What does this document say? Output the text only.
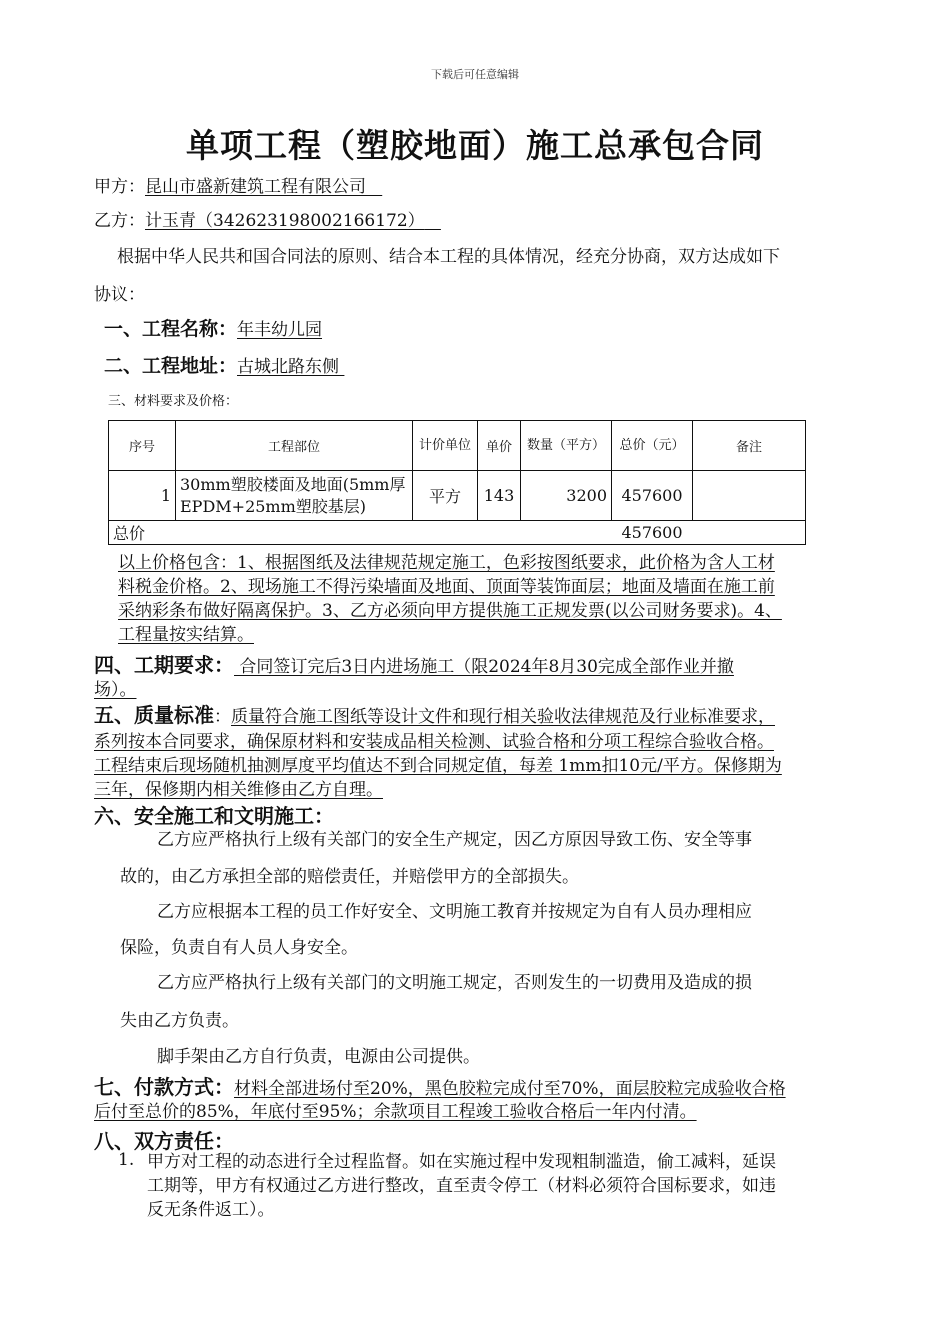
下载后可任意编辑
单项工程（塑胶地面）施工总承包合同
甲方：昆山市盛新建筑工程有限公司
乙方：计玉青（342623198002166172）
根据中华人民共和国合同法的原则、结合本工程的具体情况，经充分协商，双方达成如下
协议：
一、工程名称：年丰幼儿园
二、工程地址：古城北路东侧
三、材料要求及价格：
序号	工程部位	计价单位	单价	数量（平方）	总价（元）	备注
1	30mm塑胶楼面及地面(5mm厚EPDM+25mm塑胶基层)	平方	143	3200	457600	
总价					457600	
以上价格包含：1、根据图纸及法律规范规定施工，色彩按图纸要求，此价格为含人工材
料税金价格。2、现场施工不得污染墙面及地面、顶面等装饰面层；地面及墙面在施工前
采纳彩条布做好隔离保护。3、乙方必须向甲方提供施工正规发票(以公司财务要求)。4、
工程量按实结算。
四、工期要求： 合同签订完后3日内进场施工（限2024年8月30完成全部作业并撤
场）。
五、质量标准：质量符合施工图纸等设计文件和现行相关验收法律规范及行业标准要求，
系列按本合同要求，确保原材料和安装成品相关检测、试验合格和分项工程综合验收合格。
工程结束后现场随机抽测厚度平均值达不到合同规定值，每差 1mm扣10元/平方。保修期为
三年，保修期内相关维修由乙方自理。
六、安全施工和文明施工：
乙方应严格执行上级有关部门的安全生产规定，因乙方原因导致工伤、安全等事
故的，由乙方承担全部的赔偿责任，并赔偿甲方的全部损失。
乙方应根据本工程的员工作好安全、文明施工教育并按规定为自有人员办理相应
保险，负责自有人员人身安全。
乙方应严格执行上级有关部门的文明施工规定，否则发生的一切费用及造成的损
失由乙方负责。
脚手架由乙方自行负责，电源由公司提供。
七、付款方式：材料全部进场付至20%，黑色胶粒完成付至70%，面层胶粒完成验收合格
后付至总价的85%，年底付至95%；余款项目工程竣工验收合格后一年内付清。
八、双方责任：
1. 甲方对工程的动态进行全过程监督。如在实施过程中发现粗制滥造，偷工减料，延误
工期等，甲方有权通过乙方进行整改，直至责令停工（材料必须符合国标要求，如违
反无条件返工）。
